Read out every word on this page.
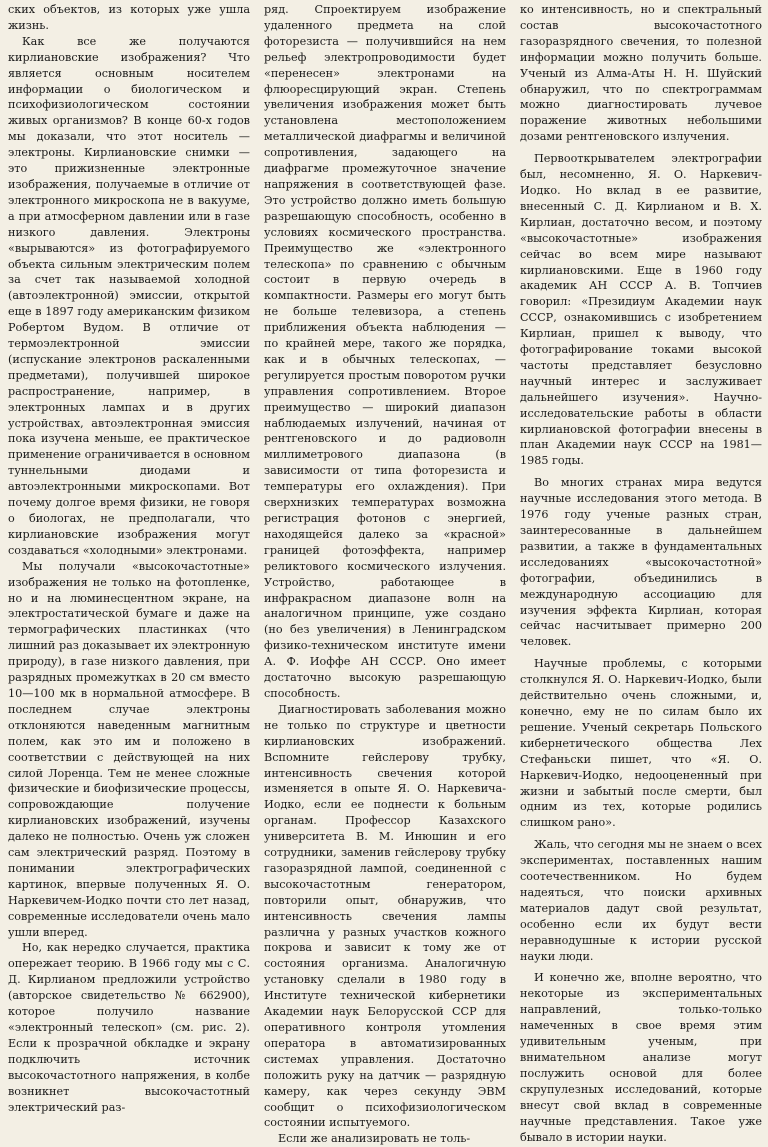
ских объектов, из которых уже ушла жизнь.

Как все же получаются кирлиановские изображения? Что является основным носителем информации о биологическом и психофизиологическом состоянии живых организмов? В конце 60-х годов мы доказали, что этот носитель — электроны. Кирлиановские снимки — это прижизненные электронные изображения, получаемые в отличие от электронного микроскопа не в вакууме, а при атмосферном давлении или в газе низкого давления. Электроны «вырываются» из фотографируемого объекта сильным электрическим полем за счет так называемой холодной (автоэлектронной) эмиссии, открытой еще в 1897 году американским физиком Робертом Вудом. В отличие от термоэлектронной эмиссии (испускание электронов раскаленными предметами), получившей широкое распространение, например, в электронных лампах и в других устройствах, автоэлектронная эмиссия пока изучена меньше, ее практическое применение ограничивается в основном туннельными диодами и автоэлектронными микроскопами. Вот почему долгое время физики, не говоря о биологах, не предполагали, что кирлиановские изображения могут создаваться «холодными» электронами.

Мы получали «высокочастотные» изображения не только на фотопленке, но и на люминесцентном экране, на электростатической бумаге и даже на термографических пластинках (что лишний раз доказывает их электронную природу), в газе низкого давления, при разрядных промежутках в 20 см вместо 10—100 мк в нормальной атмосфере. В последнем случае электроны отклоняются наведенным магнитным полем, как это им и положено в соответствии с действующей на них силой Лоренца. Тем не менее сложные физические и биофизические процессы, сопровождающие получение кирлиановских изображений, изучены далеко не полностью. Очень уж сложен сам электрический разряд. Поэтому в понимании электрографических картинок, впервые полученных Я. О. Наркевичем-Иодко почти сто лет назад, современные исследователи очень мало ушли вперед.

Но, как нередко случается, практика опережает теорию. В 1966 году мы с С. Д. Кирлианом предложили устройство (авторское свидетельство № 662900), которое получило название «электронный телескоп» (см. рис. 2). Если к прозрачной обкладке и экрану подключить источник высокочастотного напряжения, в колбе возникнет высокочастотный электрический раз-

ряд. Спроектируем изображение удаленного предмета на слой фоторезиста — получившийся на нем рельеф электропроводимости будет «перенесен» электронами на флюоресцирующий экран. Степень увеличения изображения может быть установлена местоположением металлической диафрагмы и величиной сопротивления, задающего на диафрагме промежуточное значение напряжения в соответствующей фазе. Это устройство должно иметь большую разрешающую способность, особенно в условиях космического пространства. Преимущество же «электронного телескопа» по сравнению с обычным состоит в первую очередь в компактности. Размеры его могут быть не больше телевизора, а степень приближения объекта наблюдения — по крайней мере, такого же порядка, как и в обычных телескопах, — регулируется простым поворотом ручки управления сопротивлением. Второе преимущество — широкий диапазон наблюдаемых излучений, начиная от рентгеновского и до радиоволн миллиметрового диапазона (в зависимости от типа фоторезиста и температуры его охлаждения). При сверхнизких температурах возможна регистрация фотонов с энергией, находящейся далеко за «красной» границей фотоэффекта, например реликтового космического излучения. Устройство, работающее в инфракрасном диапазоне волн на аналогичном принципе, уже создано (но без увеличения) в Ленинградском физико-техническом институте имени А. Ф. Иоффе АН СССР. Оно имеет достаточно высокую разрешающую способность.

Диагностировать заболевания можно не только по структуре и цветности кирлиановских изображений. Вспомните гейслерову трубку, интенсивность свечения которой изменяется в опыте Я. О. Наркевича-Иодко, если ее поднести к больным органам. Профессор Казахского университета В. М. Инюшин и его сотрудники, заменив гейслерову трубку газоразрядной лампой, соединенной с высокочастотным генератором, повторили опыт, обнаружив, что интенсивность свечения лампы различна у разных участков кожного покрова и зависит к тому же от состояния организма. Аналогичную установку сделали в 1980 году в Институте технической кибернетики Академии наук Белорусской ССР для оперативного контроля утомления оператора в автоматизированных системах управления. Достаточно положить руку на датчик — разрядную камеру, как через секунду ЭВМ сообщит о психофизиологическом состоянии испытуемого.

Если же анализировать не толь-

ко интенсивность, но и спектральный состав высокочастотного газоразрядного свечения, то полезной информации можно получить больше. Ученый из Алма-Аты Н. Н. Шуйский обнаружил, что по спектрограммам можно диагностировать лучевое поражение животных небольшими дозами рентгеновского излучения.

Первооткрывателем электрографии был, несомненно, Я. О. Наркевич-Иодко. Но вклад в ее развитие, внесенный С. Д. Кирлианом и В. Х. Кирлиан, достаточно весом, и поэтому «высокочастотные» изображения сейчас во всем мире называют кирлиановскими. Еще в 1960 году академик АН СССР А. В. Топчиев говорил: «Президиум Академии наук СССР, ознакомившись с изобретением Кирлиан, пришел к выводу, что фотографирование токами высокой частоты представляет безусловно научный интерес и заслуживает дальнейшего изучения». Научно-исследовательские работы в области кирлиановской фотографии внесены в план Академии наук СССР на 1981—1985 годы.

Во многих странах мира ведутся научные исследования этого метода. В 1976 году ученые разных стран, заинтересованные в дальнейшем развитии, а также в фундаментальных исследованиях «высокочастотной» фотографии, объединились в международную ассоциацию для изучения эффекта Кирлиан, которая сейчас насчитывает примерно 200 человек.

Научные проблемы, с которыми столкнулся Я. О. Наркевич-Иодко, были действительно очень сложными, и, конечно, ему не по силам было их решение. Ученый секретарь Польского кибернетического общества Лех Стефаньски пишет, что «Я. О. Наркевич-Иодко, недооцененный при жизни и забытый после смерти, был одним из тех, которые родились слишком рано».

Жаль, что сегодня мы не знаем о всех экспериментах, поставленных нашим соотечественником. Но будем надеяться, что поиски архивных материалов дадут свой результат, особенно если их будут вести неравнодушные к истории русской науки люди.

И конечно же, вполне вероятно, что некоторые из экспериментальных направлений, только-только намеченных в свое время этим удивительным ученым, при внимательном анализе могут послужить основой для более скрупулезных исследований, которые внесут свой вклад в современные научные представления. Такое уже бывало в истории науки.
